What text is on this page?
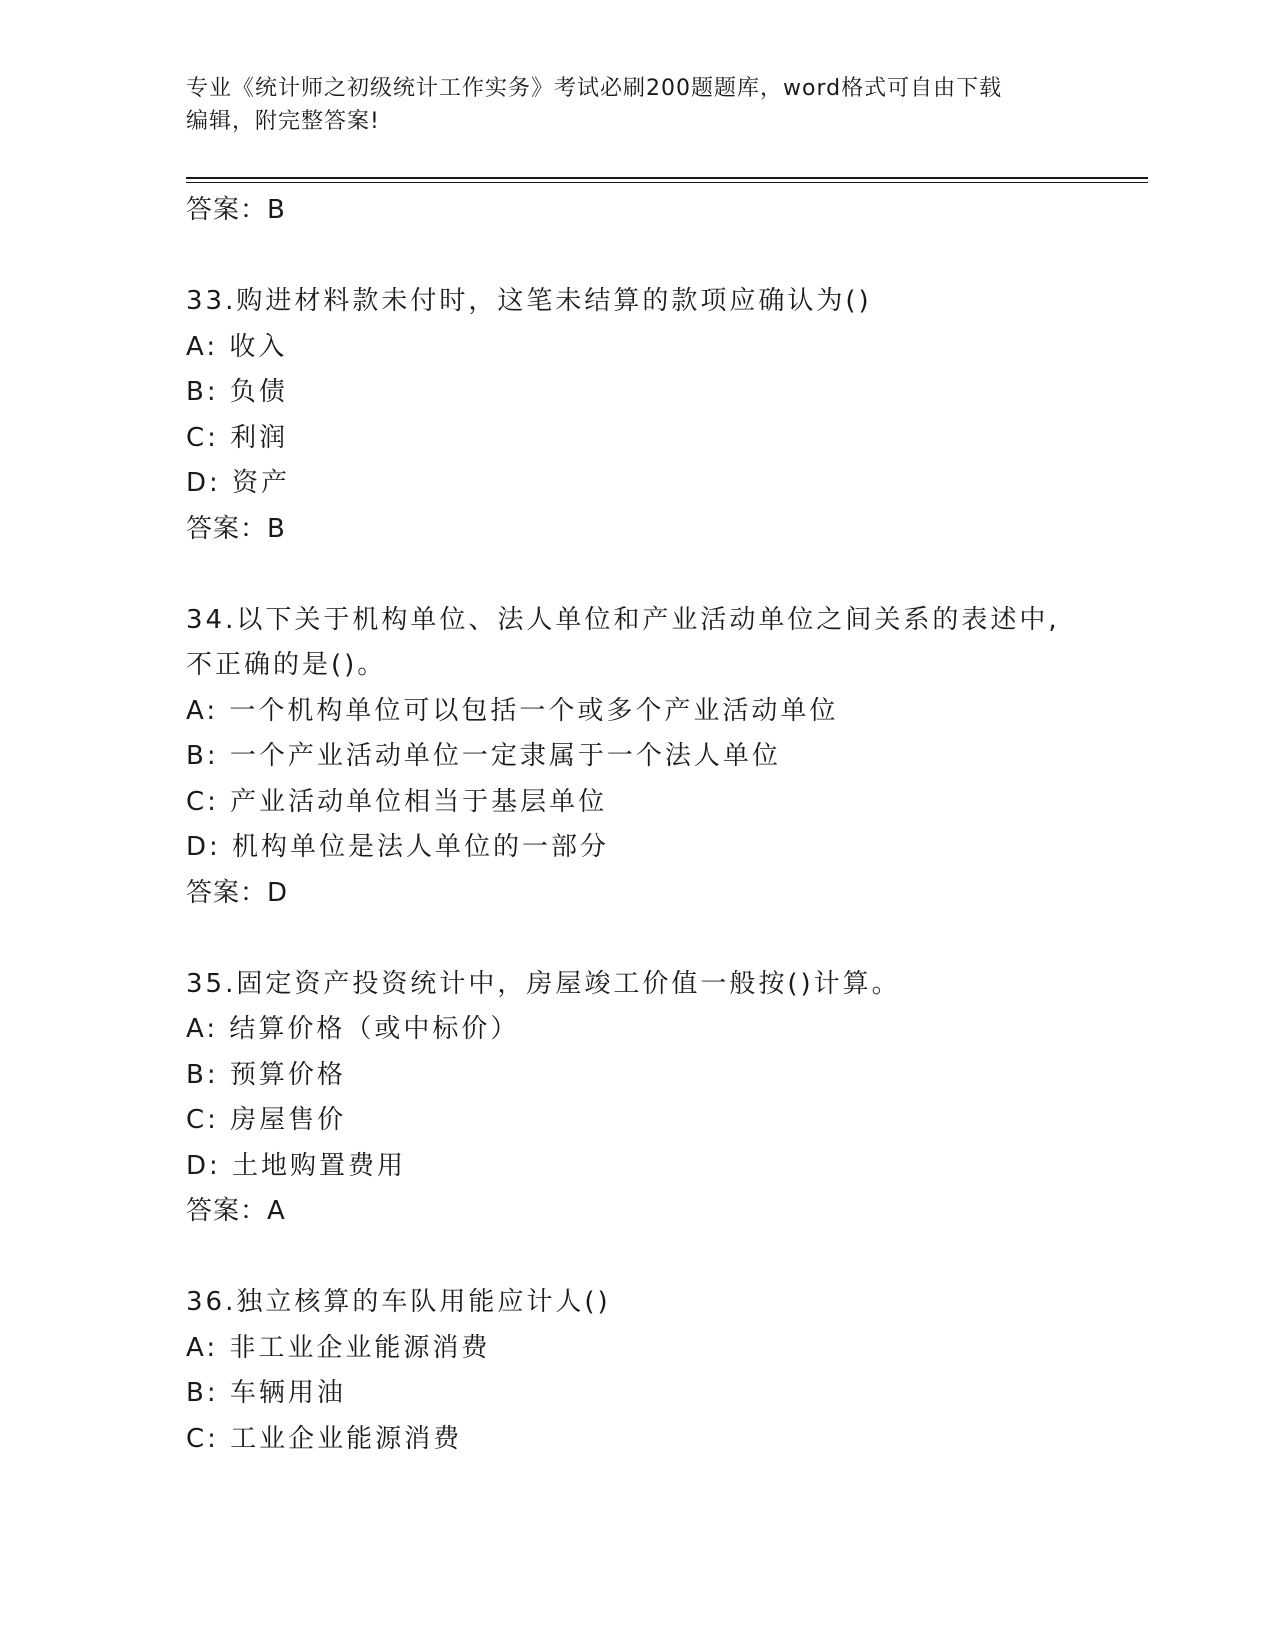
专业《统计师之初级统计工作实务》考试必刷200题题库，word格式可自由下载
编辑，附完整答案!
答案：B
33.购进材料款未付时，这笔未结算的款项应确认为()
A: 收入
B: 负债
C: 利润
D: 资产
答案：B
34.以下关于机构单位、法人单位和产业活动单位之间关系的表述中,
不正确的是()。
A: 一个机构单位可以包括一个或多个产业活动单位
B: 一个产业活动单位一定隶属于一个法人单位
C: 产业活动单位相当于基层单位
D: 机构单位是法人单位的一部分
答案：D
35.固定资产投资统计中，房屋竣工价值一般按()计算。
A: 结算价格（或中标价）
B: 预算价格
C: 房屋售价
D: 土地购置费用
答案：A
36.独立核算的车队用能应计人()
A: 非工业企业能源消费
B: 车辆用油
C: 工业企业能源消费
